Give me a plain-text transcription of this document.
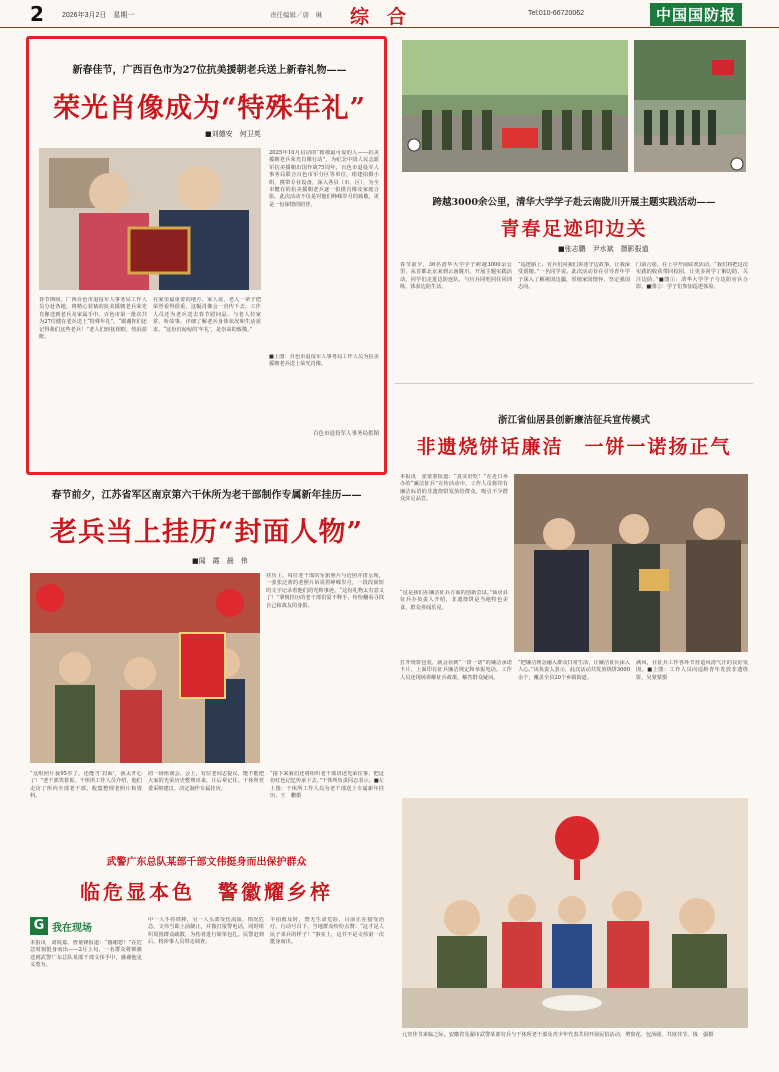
2	2026年3月2日　星期一	责任编辑／唐　琳 综合	Tel:010-66720062	中国国防报
新春佳节，广西百色市为27位抗美援朝老兵送上新春礼物——
荣光肖像成为“特殊年礼”
■刘德安　何卫英
2025年10月启动的“致敬最可爱的人——抗美援朝老兵荣光肖像行动”，为纪念中国人民志愿军抗美援朝出国作战75周年，百色市退役军人事务局联合百色市军分区等单位，组建拍摄小组，携带专业设备，深入各县（市、区），为全市健在的抗美援朝老兵逐一拍摄肖像及家庭合影。此次活动不仅是对他们峥嵘岁月的致敬，更是一份深情的陪伴。
春节期间，广西百色市退役军人事务局工作人员分赴各地，将精心装裱的抗美援朝老兵荣光肖像送到老兵及家属手中。百色市第一批次共为27位健在老兵送上“特殊年礼”。“谢谢你们还记得我们这些老兵！”老人们轻抚相框，热泪盈眶。
在家里最重要的地方。家人说，老人一辈子把荣誉看得很重，这幅肖像会一直传下去。工作人员还为老兵送去春节慰问品，与老人拉家常、听故事，详细了解老兵身体状况和生活需求。“这份沉甸甸的‘年礼’，是崇高的致敬。”
■上图：百色市退役军人事务局工作人员为抗美援朝老兵送上荣光肖像。
百色市退役军人事务局供图
春节前夕，江苏省军区南京第六干休所为老干部制作专属新年挂历——
老兵当上挂历“封面人物”
■闻　霞　晨　伟
挂历上，每位老干部的军旅照片与近照并排呈现，一张张泛黄的老照片诉说着峥嵘岁月，一段段简短的文字记录着他们的光辉事迹。“这份礼物太有意义了！”拿到挂历的老干部们爱不释手，纷纷翻看寻找自己和战友的身影。
“这组照片我95岁了，还能当‘封面’，我太开心了！”老干部笑着说。干休所工作人员介绍，他们走访了所内全部老干部，收集整理老照片和资料。
的一场座谈会。会上，有位老同志提议，能不能把大家的光荣历史整理出来，让后辈记住。干休所党委采纳建议，决定制作专属挂历。
“接下来我们还将组织老干部讲述光荣往事，把这份红色记忆传承下去。”干休所负责同志表示。■左上图：干休所工作人员为老干部送上专属新年挂历。王　鹏摄
武警广东总队某部千部文伟挺身而出保护群众
临危显本色　警徽耀乡梓
G 我在现场
本报讯　刘锐嘉、曾童锋报道：“感谢您！”在危急时刻挺身而出——2月上旬，一名群众将锦旗送到武警广东总队某部千部文伟手中，感谢他见义勇为。
中一人手持铁棒，另一人头部受伤流血，情况危急。文伟当即上前制止，并拨打报警电话，同时组织周围群众疏散，为伤者进行简单包扎。民警赶到后，将涉事人员带走调查。
半拍救及时，赞无生命危险，目前正在接受治疗。行动号召下，当地群众纷纷点赞：“这才是人民子弟兵的样子！”事实上，这并不是文伟第一次挺身而出。
跨越3000余公里，清华大学学子赴云南陇川开展主题实践活动——
青春足迹印边关
■张志鹏　尹水斌　摄影报道
春节前夕，36名清华大学学子跨越3000余公里，从首都北京来到云南陇川，开展主题实践活动。同学们走进边防连队，与官兵同吃同住同训练，体验边防生活。
“巡逻路上，官兵们向我们讲述守边故事，让我深受震撼。”一名同学说。此次活动旨在引导青年学子深入了解祖国边疆，厚植家国情怀，坚定强国志向。
门前合影，在上亭开展联欢活动。“我们将把这次实践的收获带回校园，让更多同学了解边防、关注边防。”■图①：清华大学学子与边防官兵合影。■图②：学子们参加巡逻体验。
浙江省仙居县创新廉洁征兵宣传模式
非遗烧饼话廉洁　一饼一诺扬正气
本报讯　张蒙蒙报道：“真实好吃！”在近日举办的“廉洁征兵”宣传活动中，工作人员将印有廉洁标语的非遗烧饼发放给群众，吸引不少群众驻足品尝。
“这是我们在廉洁征兵方面的创新尝试。”仙居县征兵办负责人介绍，非遗烧饼是当地特色美食，群众喜闻乐见。
打开烧饼包装，就会看到“一饼一诺”的廉洁承诺卡片，上面印有征兵廉洁规定和举报电话。工作人员还现场讲解征兵政策，解答群众疑问。
“把廉洁理念融入群众日常生活，让廉洁征兵深入人心。”该负责人表示，此次活动共发放烧饼3000余个，覆盖全县20个乡镇街道。
满风，在征兵工作各环节营造风清气正的良好氛围。■上图：工作人员向适龄青年发放非遗烧饼。吴蒙蒙摄
元宵佳节来临之际，安徽省芜湖市武警某部官兵与干休所老干部及青少年代表共同开展民俗活动，剪窗花、包汤圆，共度佳节。钱　强摄
